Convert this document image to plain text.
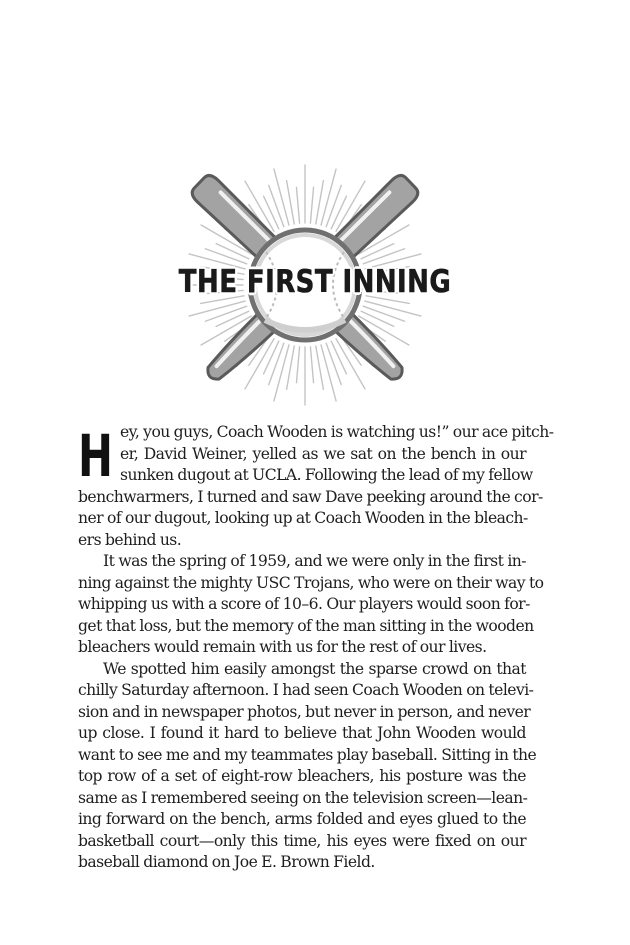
THE FIRST INNING
H ey, you guys, Coach Wooden is watching us!” our ace pitch-
er, David Weiner, yelled as we sat on the bench in our
sunken dugout at UCLA. Following the lead of my fellow
benchwarmers, I turned and saw Dave peeking around the cor-
ner of our dugout, looking up at Coach Wooden in the bleach-
ers behind us.
It was the spring of 1959, and we were only in the first in-
ning against the mighty USC Trojans, who were on their way to
whipping us with a score of 10–6. Our players would soon for-
get that loss, but the memory of the man sitting in the wooden
bleachers would remain with us for the rest of our lives.
We spotted him easily amongst the sparse crowd on that
chilly Saturday afternoon. I had seen Coach Wooden on televi-
sion and in newspaper photos, but never in person, and never
up close. I found it hard to believe that John Wooden would
want to see me and my teammates play baseball. Sitting in the
top row of a set of eight-row bleachers, his posture was the
same as I remembered seeing on the television screen—lean-
ing forward on the bench, arms folded and eyes glued to the
basketball court—only this time, his eyes were fixed on our
baseball diamond on Joe E. Brown Field.
